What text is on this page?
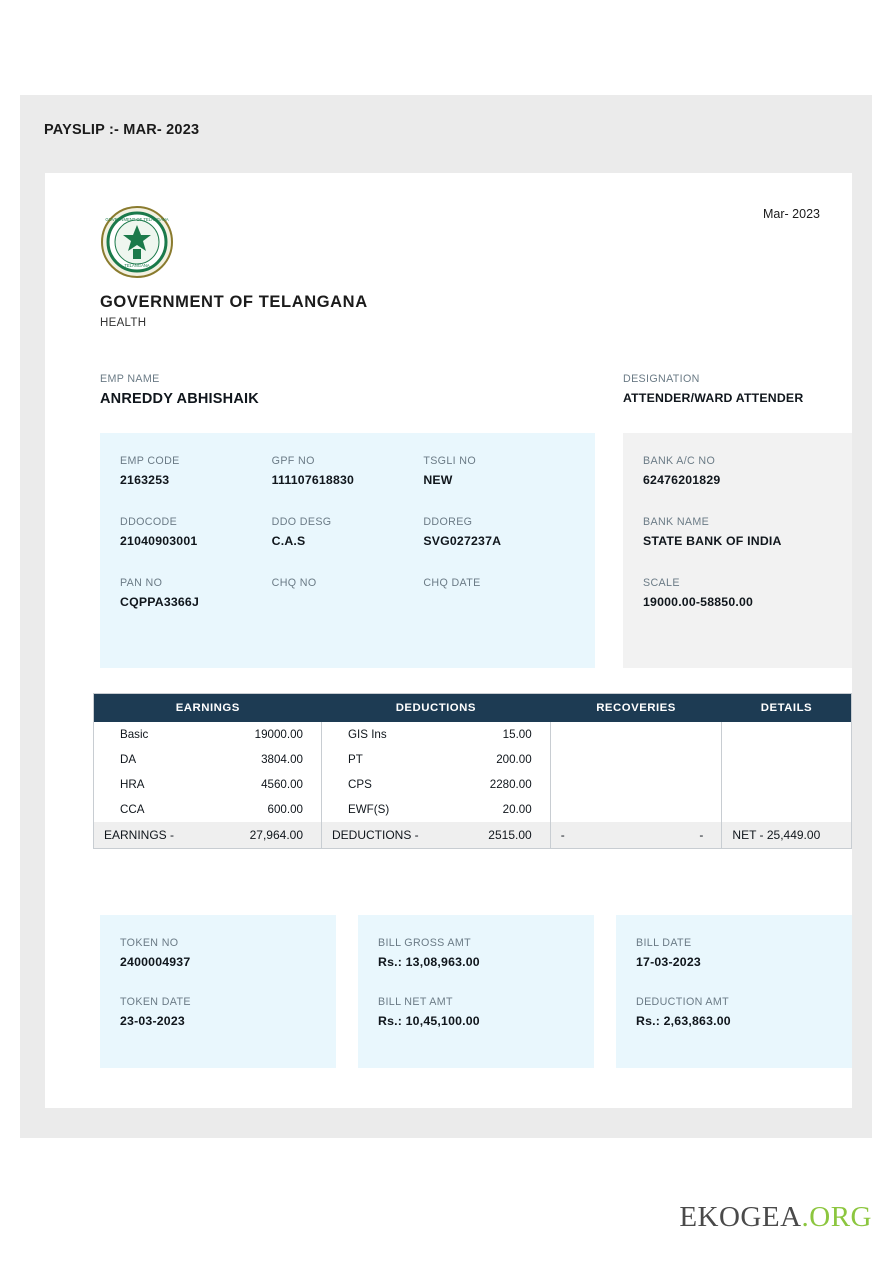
PAYSLIP :- MAR- 2023
Mar- 2023
GOVERNMENT OF TELANGANA
TELANGANA
GOVERNMENT OF TELANGANA
HEALTH
EMP NAME
ANREDDY ABHISHAIK
DESIGNATION
ATTENDER/WARD ATTENDER
EMP CODE
2163253
GPF NO
111107618830
TSGLI NO
NEW
DDOCODE
21040903001
DDO DESG
C.A.S
DDOREG
SVG027237A
PAN NO
CQPPA3366J
CHQ NO	CHQ DATE
BANK A/C NO
62476201829
BANK NAME
STATE BANK OF INDIA
SCALE
19000.00-58850.00
EARNINGS		DEDUCTIONS		RECOVERIES		DETAILS
Basic	19000.00	GIS Ins	15.00			
DA	3804.00	PT	200.00			
HRA	4560.00	CPS	2280.00			
CCA	600.00	EWF(S)	20.00			
EARNINGS -	27,964.00	DEDUCTIONS -	2515.00	-	-	NET - 25,449.00
TOKEN NO
2400004937
TOKEN DATE
23-03-2023
BILL GROSS AMT
Rs.: 13,08,963.00
BILL NET AMT
Rs.: 10,45,100.00
BILL DATE
17-03-2023
DEDUCTION AMT
Rs.: 2,63,863.00
EKOGEA.ORG
